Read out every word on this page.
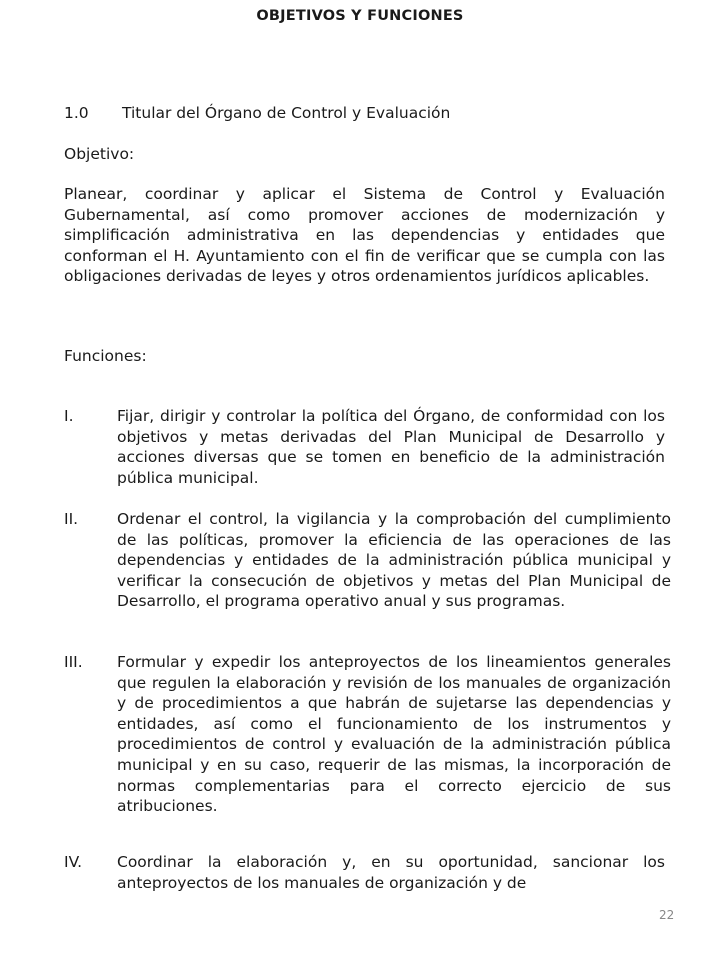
OBJETIVOS Y FUNCIONES
1.0 Titular del Órgano de Control y Evaluación
Objetivo:
Planear, coordinar y aplicar el Sistema de Control y Evaluación Gubernamental, así como promover acciones de modernización y simplificación administrativa en las dependencias y entidades que conforman el H. Ayuntamiento con el fin de verificar que se cumpla con las obligaciones derivadas de leyes y otros ordenamientos jurídicos aplicables.
Funciones:
I.	Fijar, dirigir y controlar la política del Órgano, de conformidad con los objetivos y metas derivadas del Plan Municipal de Desarrollo y acciones diversas que se tomen en beneficio de la administración pública municipal.
II.	Ordenar el control, la vigilancia y la comprobación del cumplimiento de las políticas, promover la eficiencia de las operaciones de las dependencias y entidades de la administración pública municipal y verificar la consecución de objetivos y metas del Plan Municipal de Desarrollo, el programa operativo anual y sus programas.
III. Formular y expedir los anteproyectos de los lineamientos generales que regulen la elaboración y revisión de los manuales de organización y de procedimientos a que habrán de sujetarse las dependencias y entidades, así como el funcionamiento de los instrumentos y procedimientos de control y evaluación de la administración pública municipal y en su caso, requerir de las mismas, la incorporación de normas complementarias para el correcto ejercicio de sus atribuciones.
IV. Coordinar la elaboración y, en su oportunidad, sancionar los anteproyectos de los manuales de organización y de
22
